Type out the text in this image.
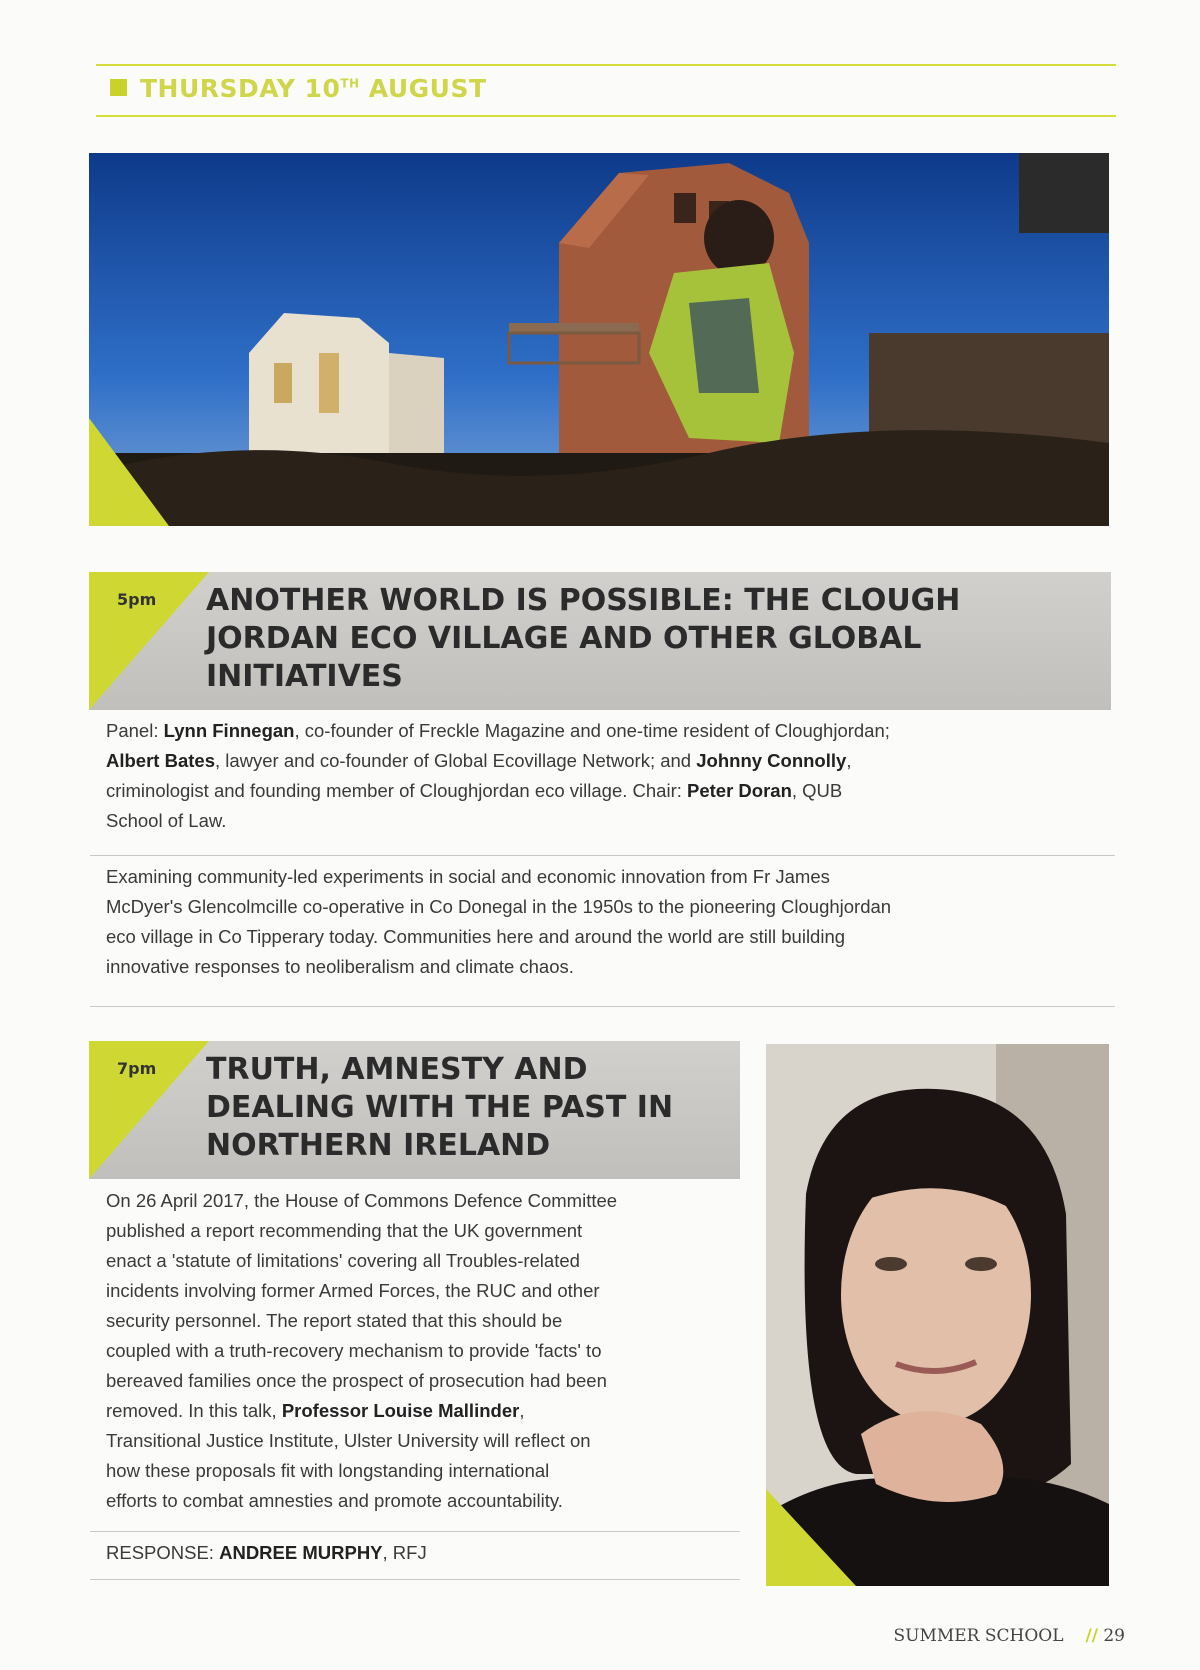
THURSDAY 10TH AUGUST
5pm ANOTHER WORLD IS POSSIBLE: THE CLOUGH
JORDAN ECO VILLAGE AND OTHER GLOBAL
INITIATIVES
Panel: Lynn Finnegan, co-founder of Freckle Magazine and one-time resident of Cloughjordan;
Albert Bates, lawyer and co-founder of Global Ecovillage Network; and Johnny Connolly,
criminologist and founding member of Cloughjordan eco village. Chair: Peter Doran, QUB
School of Law.
Examining community-led experiments in social and economic innovation from Fr James
McDyer's Glencolmcille co-operative in Co Donegal in the 1950s to the pioneering Cloughjordan
eco village in Co Tipperary today. Communities here and around the world are still building
innovative responses to neoliberalism and climate chaos.
7pm TRUTH, AMNESTY AND
DEALING WITH THE PAST IN
NORTHERN IRELAND
On 26 April 2017, the House of Commons Defence Committee
published a report recommending that the UK government
enact a 'statute of limitations' covering all Troubles-related
incidents involving former Armed Forces, the RUC and other
security personnel. The report stated that this should be
coupled with a truth-recovery mechanism to provide 'facts' to
bereaved families once the prospect of prosecution had been
removed. In this talk, Professor Louise Mallinder,
Transitional Justice Institute, Ulster University will reflect on
how these proposals fit with longstanding international
efforts to combat amnesties and promote accountability.
RESPONSE: ANDREE MURPHY, RFJ
SUMMER SCHOOL // 29
